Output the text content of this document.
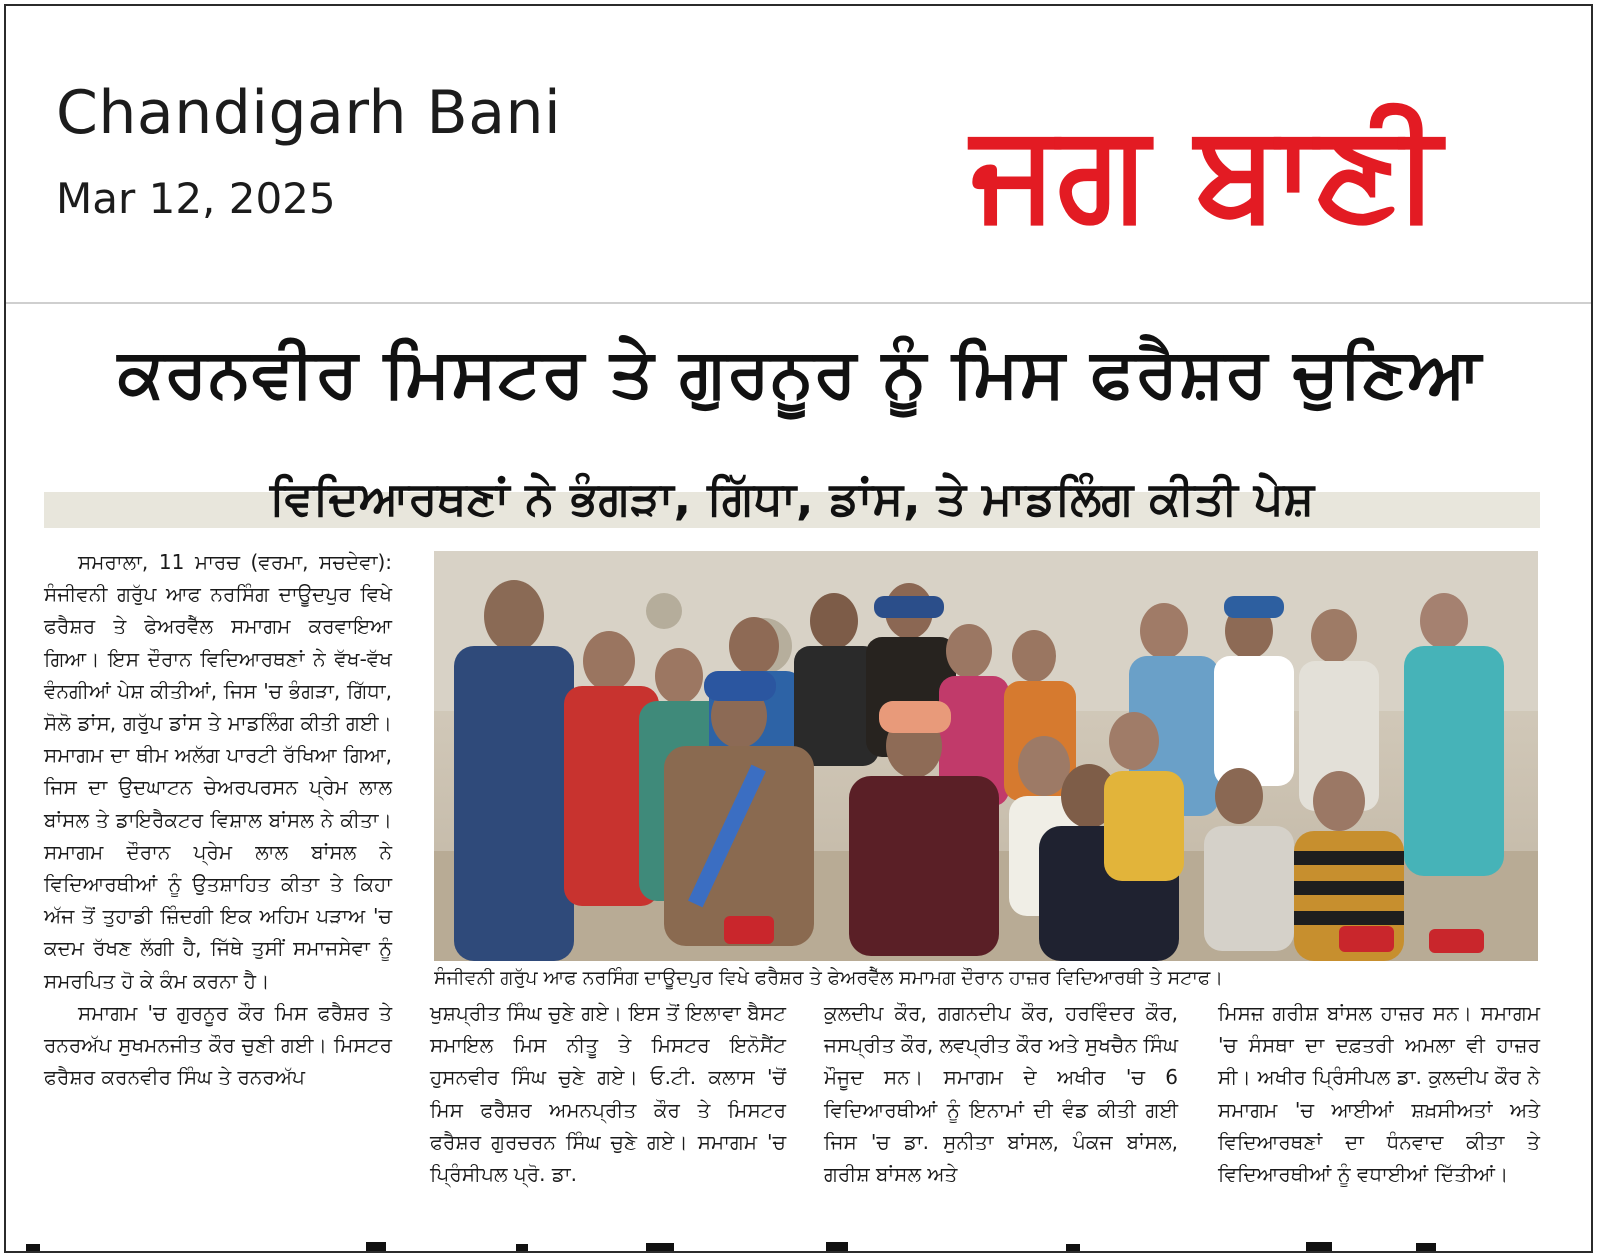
Chandigarh Bani
Mar 12, 2025	ਜਗ ਬਾਣੀ
ਕਰਨਵੀਰ ਮਿਸਟਰ ਤੇ ਗੁਰਨੂਰ ਨੂੰ ਮਿਸ ਫਰੈਸ਼ਰ ਚੁਣਿਆ
ਵਿਦਿਆਰਥਣਾਂ ਨੇ ਭੰਗੜਾ, ਗਿੱਧਾ, ਡਾਂਸ, ਤੇ ਮਾਡਲਿੰਗ ਕੀਤੀ ਪੇਸ਼

ਸਮਰਾਲਾ, 11 ਮਾਰਚ (ਵਰਮਾ, ਸਚਦੇਵਾ): ਸੰਜੀਵਨੀ ਗਰੁੱਪ ਆਫ ਨਰਸਿੰਗ ਦਾਊਦਪੁਰ ਵਿਖੇ ਫਰੈਸ਼ਰ ਤੇ ਫੇਅਰਵੈੱਲ ਸਮਾਗਮ ਕਰਵਾਇਆ ਗਿਆ। ਇਸ ਦੌਰਾਨ ਵਿਦਿਆਰਥਣਾਂ ਨੇ ਵੱਖ-ਵੱਖ ਵੰਨਗੀਆਂ ਪੇਸ਼ ਕੀਤੀਆਂ, ਜਿਸ 'ਚ ਭੰਗੜਾ, ਗਿੱਧਾ, ਸੋਲੋ ਡਾਂਸ, ਗਰੁੱਪ ਡਾਂਸ ਤੇ ਮਾਡਲਿੰਗ ਕੀਤੀ ਗਈ। ਸਮਾਗਮ ਦਾ ਥੀਮ ਅਲੱਗ ਪਾਰਟੀ ਰੱਖਿਆ ਗਿਆ, ਜਿਸ ਦਾ ਉਦਘਾਟਨ ਚੇਅਰਪਰਸਨ ਪ੍ਰੇਮ ਲਾਲ ਬਾਂਸਲ ਤੇ ਡਾਇਰੈਕਟਰ ਵਿਸ਼ਾਲ ਬਾਂਸਲ ਨੇ ਕੀਤਾ। ਸਮਾਗਮ ਦੌਰਾਨ ਪ੍ਰੇਮ ਲਾਲ ਬਾਂਸਲ ਨੇ ਵਿਦਿਆਰਥੀਆਂ ਨੂੰ ਉਤਸ਼ਾਹਿਤ ਕੀਤਾ ਤੇ ਕਿਹਾ ਅੱਜ ਤੋਂ ਤੁਹਾਡੀ ਜ਼ਿੰਦਗੀ ਇਕ ਅਹਿਮ ਪੜਾਅ 'ਚ ਕਦਮ ਰੱਖਣ ਲੱਗੀ ਹੈ, ਜਿੱਥੇ ਤੁਸੀਂ ਸਮਾਜਸੇਵਾ ਨੂੰ ਸਮਰਪਿਤ ਹੋ ਕੇ ਕੰਮ ਕਰਨਾ ਹੈ।

ਸਮਾਗਮ 'ਚ ਗੁਰਨੂਰ ਕੌਰ ਮਿਸ ਫਰੈਸ਼ਰ ਤੇ ਰਨਰਅੱਪ ਸੁਖਮਨਜੀਤ ਕੌਰ ਚੁਣੀ ਗਈ। ਮਿਸਟਰ ਫਰੈਸ਼ਰ ਕਰਨਵੀਰ ਸਿੰਘ ਤੇ ਰਨਰਅੱਪ

ਸੰਜੀਵਨੀ ਗਰੁੱਪ ਆਫ ਨਰਸਿੰਗ ਦਾਊਦਪੁਰ ਵਿਖੇ ਫਰੈਸ਼ਰ ਤੇ ਫੇਅਰਵੈੱਲ ਸਮਾਮਗ ਦੌਰਾਨ ਹਾਜ਼ਰ ਵਿਦਿਆਰਥੀ ਤੇ ਸਟਾਫ।

ਖੁਸ਼ਪ੍ਰੀਤ ਸਿੰਘ ਚੁਣੇ ਗਏ। ਇਸ ਤੋਂ ਇਲਾਵਾ ਬੈਸਟ ਸਮਾਇਲ ਮਿਸ ਨੀਤੂ ਤੇ ਮਿਸਟਰ ਇਨੋਸੈਂਟ ਹੁਸਨਵੀਰ ਸਿੰਘ ਚੁਣੇ ਗਏ। ਓ.ਟੀ. ਕਲਾਸ 'ਚੋਂ ਮਿਸ ਫਰੈਸ਼ਰ ਅਮਨਪ੍ਰੀਤ ਕੌਰ ਤੇ ਮਿਸਟਰ ਫਰੈਸ਼ਰ ਗੁਰਚਰਨ ਸਿੰਘ ਚੁਣੇ ਗਏ। ਸਮਾਗਮ 'ਚ ਪ੍ਰਿੰਸੀਪਲ ਪ੍ਰੋ. ਡਾ.

ਕੁਲਦੀਪ ਕੌਰ, ਗਗਨਦੀਪ ਕੌਰ, ਹਰਵਿੰਦਰ ਕੌਰ, ਜਸਪ੍ਰੀਤ ਕੌਰ, ਲਵਪ੍ਰੀਤ ਕੌਰ ਅਤੇ ਸੁਖਚੈਨ ਸਿੰਘ ਮੌਜੂਦ ਸਨ। ਸਮਾਗਮ ਦੇ ਅਖੀਰ 'ਚ 6 ਵਿਦਿਆਰਥੀਆਂ ਨੂੰ ਇਨਾਮਾਂ ਦੀ ਵੰਡ ਕੀਤੀ ਗਈ ਜਿਸ 'ਚ ਡਾ. ਸੁਨੀਤਾ ਬਾਂਸਲ, ਪੰਕਜ ਬਾਂਸਲ, ਗਰੀਸ਼ ਬਾਂਸਲ ਅਤੇ

ਮਿਸਜ਼ ਗਰੀਸ਼ ਬਾਂਸਲ ਹਾਜ਼ਰ ਸਨ। ਸਮਾਗਮ 'ਚ ਸੰਸਥਾ ਦਾ ਦਫ਼ਤਰੀ ਅਮਲਾ ਵੀ ਹਾਜ਼ਰ ਸੀ। ਅਖੀਰ ਪ੍ਰਿੰਸੀਪਲ ਡਾ. ਕੁਲਦੀਪ ਕੌਰ ਨੇ ਸਮਾਗਮ 'ਚ ਆਈਆਂ ਸ਼ਖ਼ਸੀਅਤਾਂ ਅਤੇ ਵਿਦਿਆਰਥਣਾਂ ਦਾ ਧੰਨਵਾਦ ਕੀਤਾ ਤੇ ਵਿਦਿਆਰਥੀਆਂ ਨੂੰ ਵਧਾਈਆਂ ਦਿੱਤੀਆਂ।
